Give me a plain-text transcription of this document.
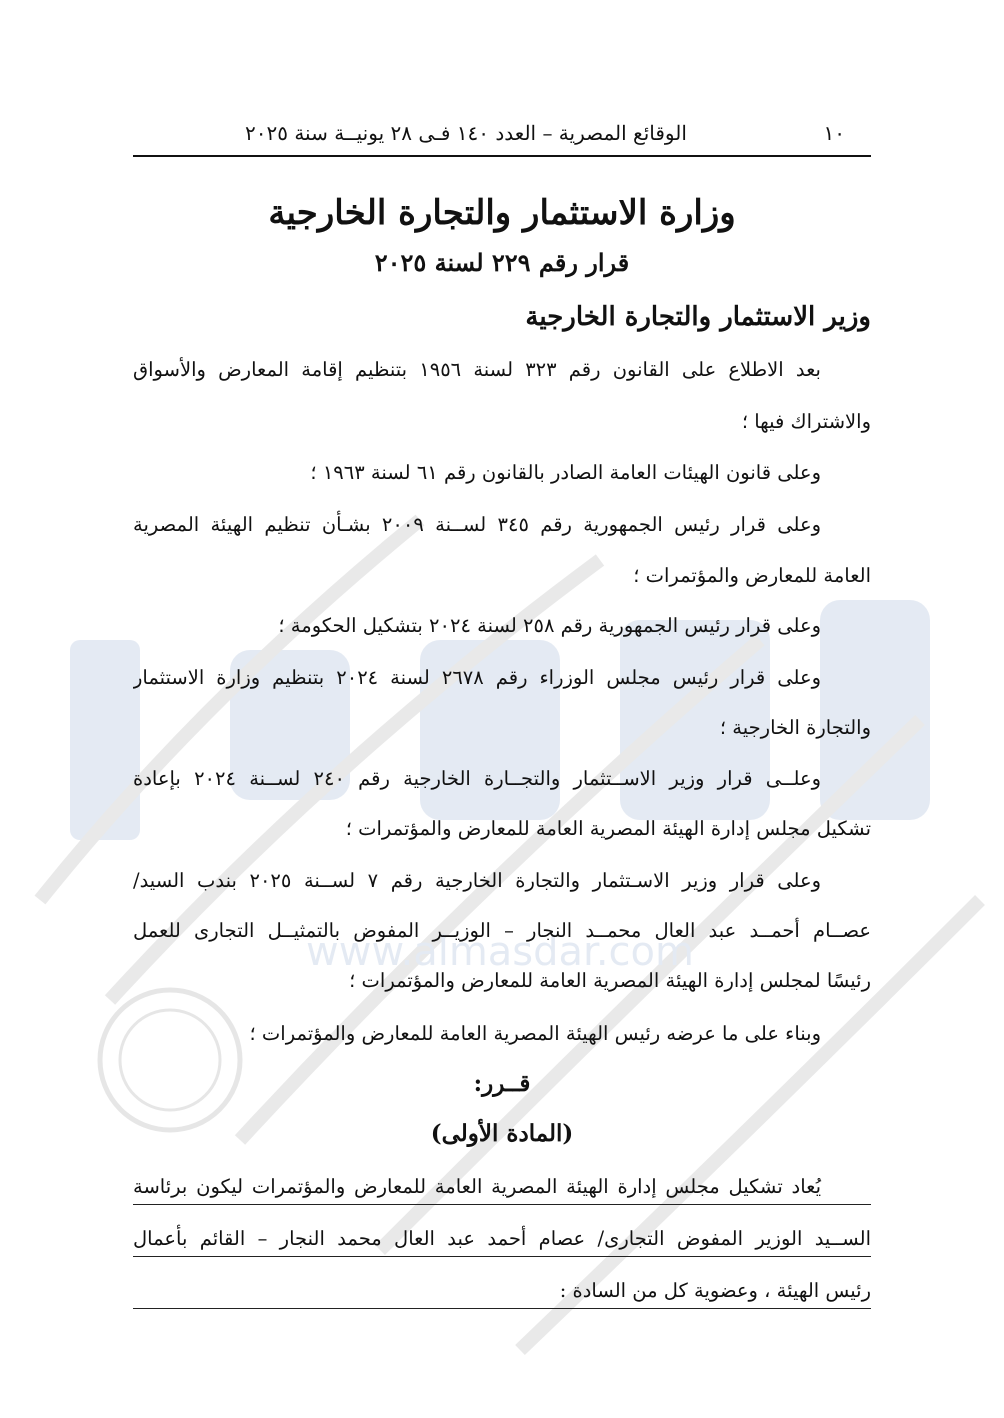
www.almasdar.com
١٠
الوقائع المصرية – العدد ١٤٠ فـى ٢٨ يونيــة سنة ٢٠٢٥
وزارة الاستثمار والتجارة الخارجية
قرار رقم ٢٢٩ لسنة ٢٠٢٥
وزير الاستثمار والتجارة الخارجية
بعد الاطلاع على القانون رقم ٣٢٣ لسنة ١٩٥٦ بتنظيم إقامة المعارض والأسواق
والاشتراك فيها ؛
وعلى قانون الهيئات العامة الصادر بالقانون رقم ٦١ لسنة ١٩٦٣ ؛
وعلى قرار رئيس الجمهورية رقم ٣٤٥ لســنة ٢٠٠٩ بشـأن تنظيم الهيئة المصرية
العامة للمعارض والمؤتمرات ؛
وعلى قرار رئيس الجمهورية رقم ٢٥٨ لسنة ٢٠٢٤ بتشكيل الحكومة ؛
وعلى قرار رئيس مجلس الوزراء رقم ٢٦٧٨ لسنة ٢٠٢٤ بتنظيم وزارة الاستثمار
والتجارة الخارجية ؛
وعلــى قرار وزير الاســتثمار والتجــارة الخارجية رقم ٢٤٠ لســنة ٢٠٢٤ بإعادة
تشكيل مجلس إدارة الهيئة المصرية العامة للمعارض والمؤتمرات ؛
وعلى قرار وزير الاسـتثمار والتجارة الخارجية رقم ٧ لســنة ٢٠٢٥ بندب السيد/
عصــام أحمــد عبد العال محمــد النجار – الوزيــر المفوض بالتمثيــل التجارى للعمل
رئيسًا لمجلس إدارة الهيئة المصرية العامة للمعارض والمؤتمرات ؛
وبناء على ما عرضه رئيس الهيئة المصرية العامة للمعارض والمؤتمرات ؛
قــرر:
(المادة الأولى)
يُعاد تشكيل مجلس إدارة الهيئة المصرية العامة للمعارض والمؤتمرات ليكون برئاسة
الســيد الوزير المفوض التجارى/ عصام أحمد عبد العال محمد النجار – القائم بأعمال
رئيس الهيئة ، وعضوية كل من السادة :
